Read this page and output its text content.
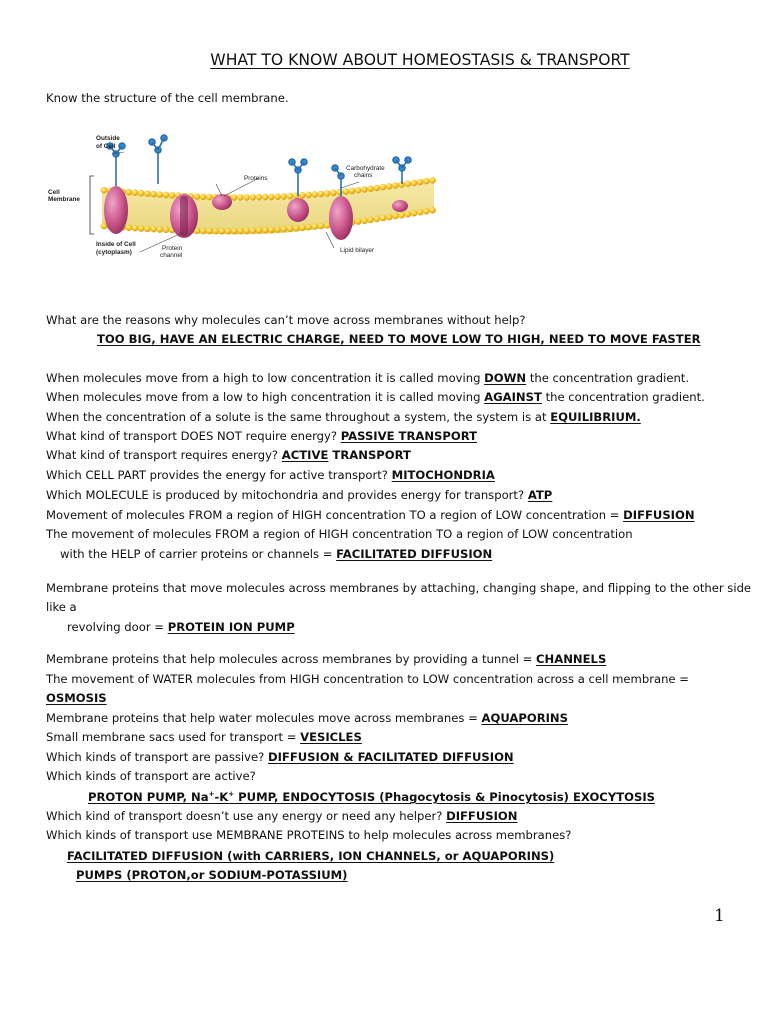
WHAT TO KNOW ABOUT HOMEOSTASIS & TRANSPORT
Know the structure of the cell membrane.
Outside
of Cell
Cell
Membrane
Proteins
Carbohydrate
chains
Inside of Cell
(cytoplasm)
Protein
channel
Lipid bilayer
What are the reasons why molecules can’t move across membranes without help?
TOO BIG, HAVE AN ELECTRIC CHARGE, NEED TO MOVE LOW TO HIGH, NEED TO MOVE FASTER
When molecules move from a high to low concentration it is called moving DOWN the concentration gradient.
When molecules move from a low to high concentration it is called moving AGAINST the concentration gradient.
When the concentration of a solute is the same throughout a system, the system is at EQUILIBRIUM.
What kind of transport DOES NOT require energy? PASSIVE TRANSPORT
What kind of transport requires energy? ACTIVE TRANSPORT
Which CELL PART provides the energy for active transport? MITOCHONDRIA
Which MOLECULE is produced by mitochondria and provides energy for transport? ATP
Movement of molecules FROM a region of HIGH concentration TO a region of LOW concentration = DIFFUSION
The movement of molecules FROM a region of HIGH concentration TO a region of LOW concentration
with the HELP of carrier proteins or channels = FACILITATED DIFFUSION
Membrane proteins that move molecules across membranes by attaching, changing shape, and flipping to the other side
like a
revolving door = PROTEIN ION PUMP
Membrane proteins that help molecules across membranes by providing a tunnel = CHANNELS
The movement of WATER molecules from HIGH concentration to LOW concentration across a cell membrane =
OSMOSIS
Membrane proteins that help water molecules move across membranes = AQUAPORINS
Small membrane sacs used for transport = VESICLES
Which kinds of transport are passive? DIFFUSION & FACILITATED DIFFUSION
Which kinds of transport are active?
PROTON PUMP, Na+-K+ PUMP, ENDOCYTOSIS (Phagocytosis & Pinocytosis) EXOCYTOSIS
Which kind of transport doesn’t use any energy or need any helper? DIFFUSION
Which kinds of transport use MEMBRANE PROTEINS to help molecules across membranes?
FACILITATED DIFFUSION (with CARRIERS, ION CHANNELS, or AQUAPORINS)
PUMPS (PROTON,or SODIUM-POTASSIUM)
1
